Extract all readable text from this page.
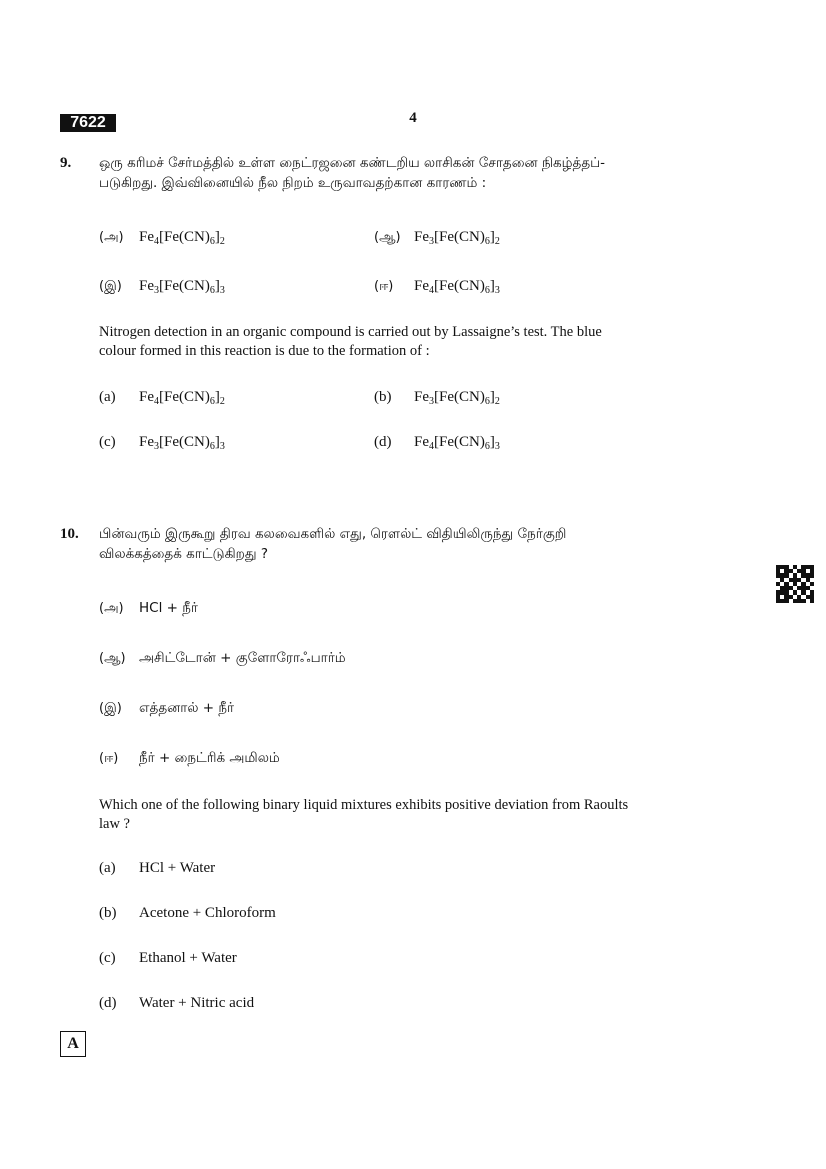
7622	4
9. ஒரு கரிமச் சேர்மத்தில் உள்ள நைட்ரஜனை கண்டறிய லாசிகன் சோதனை நிகழ்த்தப்-
படுகிறது. இவ்வினையில் நீல நிறம் உருவாவதற்கான காரணம் :
(அ) $Fe_4[Fe(CN)_6]_2$	(ஆ) $Fe_3[Fe(CN)_6]_2$
(இ) $Fe_3[Fe(CN)_6]_3$	(ஈ) $Fe_4[Fe(CN)_6]_3$
Nitrogen detection in an organic compound is carried out by Lassaigne’s test. The blue
colour formed in this reaction is due to the formation of :
(a) $Fe_4[Fe(CN)_6]_2$	(b) $Fe_3[Fe(CN)_6]_2$
(c) $Fe_3[Fe(CN)_6]_3$	(d) $Fe_4[Fe(CN)_6]_3$
10. பின்வரும் இருகூறு திரவ கலவைகளில் எது, ரௌல்ட் விதியிலிருந்து நேர்குறி
விலக்கத்தைக் காட்டுகிறது ?
(அ) HCl + நீர்
(ஆ) அசிட்டோன் + குளோரோஃபார்ம்
(இ) எத்தனால் + நீர்
(ஈ) நீர் + நைட்ரிக் அமிலம்
Which one of the following binary liquid mixtures exhibits positive deviation from Raoults
law ?
(a) HCl + Water
(b) Acetone + Chloroform
(c) Ethanol + Water
(d) Water + Nitric acid
A
